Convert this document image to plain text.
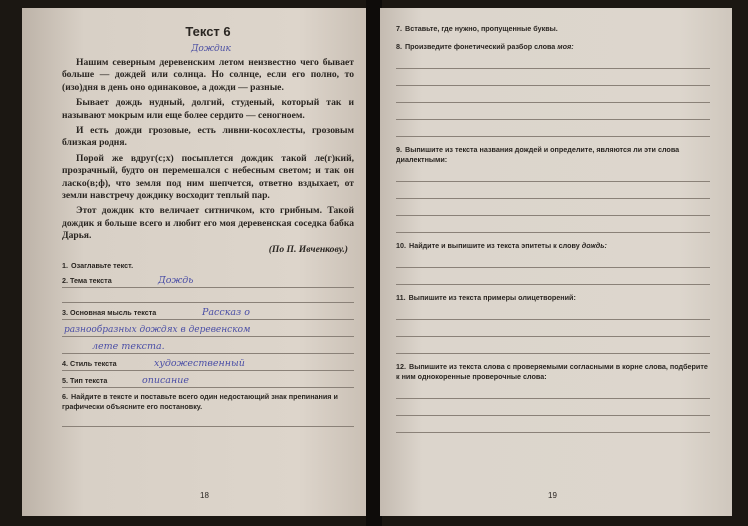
Текст 6
Дождик

Нашим северным деревенским летом неизвестно чего бывает больше — дождей или солнца. Но солнце, если его полно, то (изо)дня в день оно одинаковое, а дожди — разные.

Бывает дождь нудный, долгий, студеный, который так и называют мокрым или еще более сердито — сеногноем.

И есть дожди грозовые, есть ливни-косохлесты, грозовым близкая родня.

Порой же вдруг(с;х) посыплется дождик такой ле(г)кий, прозрачный, будто он перемешался с небесным светом; и так он ласко(в;ф), что земля под ним шепчется, ответно вздыхает, от земли навстречу дождику восходит теплый пар.

Этот дождик кто величает ситничком, кто грибным. Такой дождик я больше всего и любит его моя деревенская соседка бабка Дарья.

(По П. Ивченкову.)
1. Озаглавьте текст.
2. Тема текста	Дождь
3. Основная мысль текста	Рассказ о
разнообразных дождях в деревенском
лете текста.
4. Стиль текста	художественный
5. Тип текста	описание
6. Найдите в тексте и поставьте всего один недостающий знак препинания и графически объясните его постановку.
18
7. Вставьте, где нужно, пропущенные буквы.
8. Произведите фонетический разбор слова моя:
9. Выпишите из текста названия дождей и определите, являются ли эти слова диалектными:
10. Найдите и выпишите из текста эпитеты к слову дождь:
11. Выпишите из текста примеры олицетворений:
12. Выпишите из текста слова с проверяемыми согласными в корне слова, подберите к ним однокоренные проверочные слова:
19
